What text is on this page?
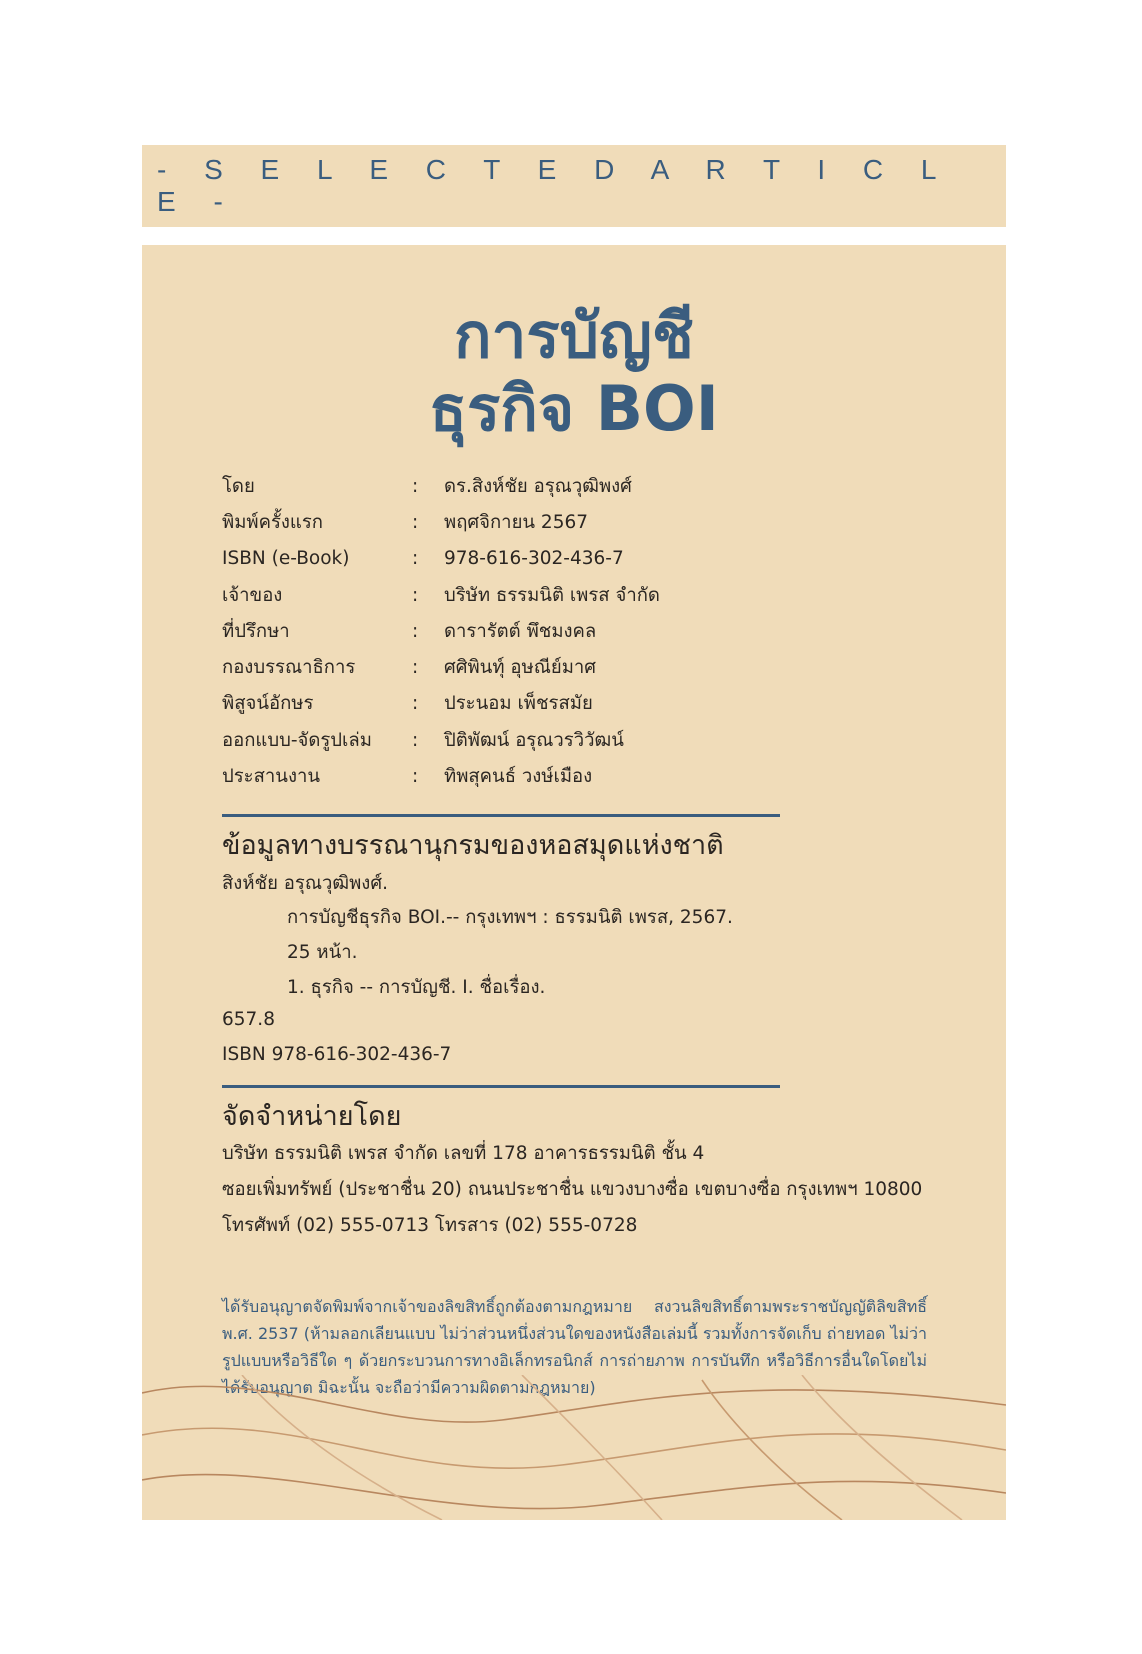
- S E L E C T E D A R T I C L E -
การบัญชี
ธุรกิจ BOI
โดย	:	ดร.สิงห์ชัย อรุณวุฒิพงศ์
พิมพ์ครั้งแรก	:	พฤศจิกายน 2567
ISBN (e-Book)	:	978-616-302-436-7
เจ้าของ	:	บริษัท ธรรมนิติ เพรส จำกัด
ที่ปรึกษา	:	ดารารัตต์ พึชมงคล
กองบรรณาธิการ	:	ศศิพินทุ์ อุษณีย์มาศ
พิสูจน์อักษร	:	ประนอม เพ็ชรสมัย
ออกแบบ-จัดรูปเล่ม	:	ปิติพัฒน์ อรุณวรวิวัฒน์
ประสานงาน	:	ทิพสุคนธ์ วงษ์เมือง
ข้อมูลทางบรรณานุกรมของหอสมุดแห่งชาติ
สิงห์ชัย อรุณวุฒิพงศ์.
การบัญชีธุรกิจ BOI.-- กรุงเทพฯ : ธรรมนิติ เพรส, 2567.
25 หน้า.
1. ธุรกิจ -- การบัญชี. I. ชื่อเรื่อง.
657.8
ISBN 978-616-302-436-7
จัดจำหน่ายโดย
บริษัท ธรรมนิติ เพรส จำกัด เลขที่ 178 อาคารธรรมนิติ ชั้น 4
ซอยเพิ่มทรัพย์ (ประชาชื่น 20) ถนนประชาชื่น แขวงบางซื่อ เขตบางซื่อ กรุงเทพฯ 10800
โทรศัพท์ (02) 555-0713 โทรสาร (02) 555-0728
ได้รับอนุญาตจัดพิมพ์จากเจ้าของลิขสิทธิ์ถูกต้องตามกฎหมาย สงวนลิขสิทธิ์ตามพระราชบัญญัติลิขสิทธิ์ พ.ศ. 2537 (ห้ามลอกเลียนแบบ ไม่ว่าส่วนหนึ่งส่วนใดของหนังสือเล่มนี้ รวมทั้งการจัดเก็บ ถ่ายทอด ไม่ว่ารูปแบบหรือวิธีใด ๆ ด้วยกระบวนการทางอิเล็กทรอนิกส์ การถ่ายภาพ การบันทึก หรือวิธีการอื่นใดโดยไม่ได้รับอนุญาต มิฉะนั้น จะถือว่ามีความผิดตามกฎหมาย)
